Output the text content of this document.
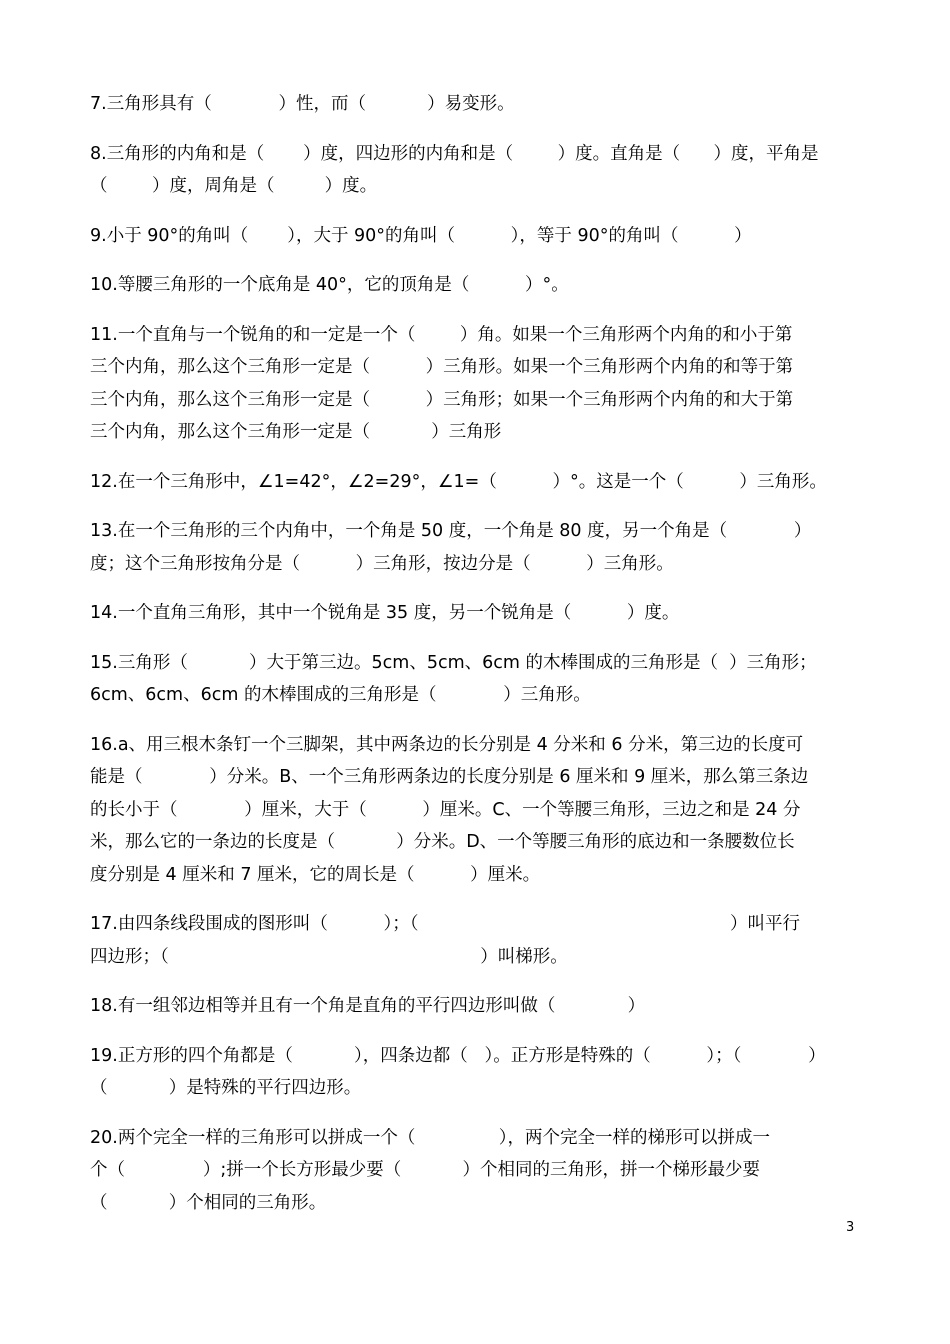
7.三角形具有（            ）性，而（           ）易变形。
8.三角形的内角和是（       ）度，四边形的内角和是（        ）度。直角是（      ）度，平角是
（        ）度，周角是（         ）度。
9.小于 90°的角叫（       ），大于 90°的角叫（          ），等于 90°的角叫（          ）
10.等腰三角形的一个底角是 40°，它的顶角是（          ）°。
11.一个直角与一个锐角的和一定是一个（        ）角。如果一个三角形两个内角的和小于第
三个内角，那么这个三角形一定是（          ）三角形。如果一个三角形两个内角的和等于第
三个内角，那么这个三角形一定是（          ）三角形；如果一个三角形两个内角的和大于第
三个内角，那么这个三角形一定是（           ）三角形
12.在一个三角形中，∠1=42°，∠2=29°，∠1=（          ）°。这是一个（          ）三角形。
13.在一个三角形的三个内角中，一个角是 50 度，一个角是 80 度，另一个角是（            ）
度；这个三角形按角分是（          ）三角形，按边分是（          ）三角形。
14.一个直角三角形，其中一个锐角是 35 度，另一个锐角是（          ）度。
15.三角形（           ）大于第三边。5cm、5cm、6cm 的木棒围成的三角形是（  ）三角形；
6cm、6cm、6cm 的木棒围成的三角形是（            ）三角形。
16.a、用三根木条钉一个三脚架，其中两条边的长分别是 4 分米和 6 分米，第三边的长度可
能是（            ）分米。B、一个三角形两条边的长度分别是 6 厘米和 9 厘米，那么第三条边
的长小于（            ）厘米，大于（          ）厘米。C、一个等腰三角形，三边之和是 24 分
米，那么它的一条边的长度是（           ）分米。D、一个等腰三角形的底边和一条腰数位长
度分别是 4 厘米和 7 厘米，它的周长是（          ）厘米。
17.由四条线段围成的图形叫（          ）；（                                                        ）叫平行
四边形；（                                                        ）叫梯形。
18.有一组邻边相等并且有一个角是直角的平行四边形叫做（             ）
19.正方形的四个角都是（           ），四条边都（   ）。正方形是特殊的（          ）；（            ）
（           ）是特殊的平行四边形。
20.两个完全一样的三角形可以拼成一个（               ），两个完全一样的梯形可以拼成一
个（              ）;拼一个长方形最少要（           ）个相同的三角形，拼一个梯形最少要
（           ）个相同的三角形。
3
